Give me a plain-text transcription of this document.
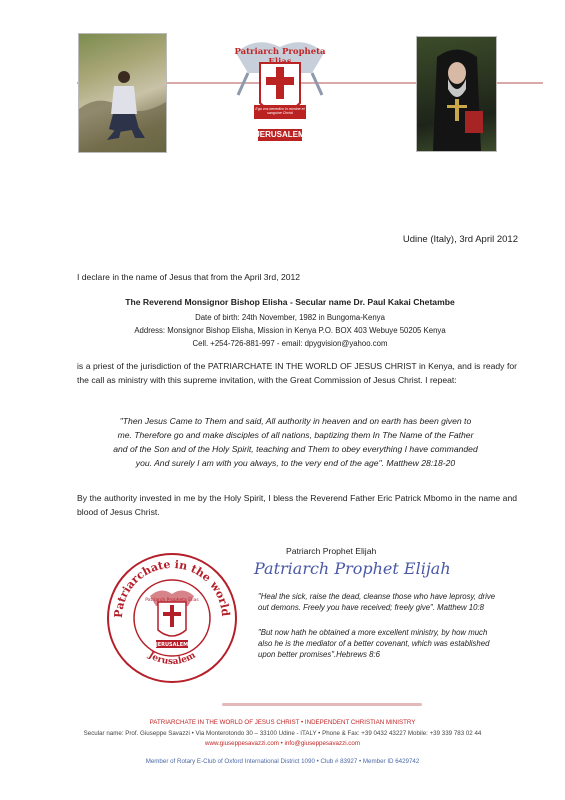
Patriarch Propheta Elias
Ego vos benedico in nomine et sanguine Christi
JERUSALEM
Udine (Italy), 3rd April 2012
I declare in the name of Jesus that from the April 3rd, 2012
The Reverend Monsignor Bishop Elisha - Secular name Dr. Paul Kakai Chetambe
Date of birth: 24th November, 1982 in Bungoma-Kenya
Address: Monsignor Bishop Elisha, Mission in Kenya P.O. BOX 403 Webuye 50205 Kenya
Cell. +254-726-881-997 - email: dpygvision@yahoo.com
is a priest of the jurisdiction of the PATRIARCHATE IN THE WORLD OF JESUS CHRIST in Kenya, and is ready for the call as ministry with this supreme invitation, with the Great Commission of Jesus Christ. I repeat:
"Then Jesus Came to Them and said, All authority in heaven and on earth has been given to me. Therefore go and make disciples of all nations, baptizing them In The Name of the Father and of the Son and of the Holy Spirit, teaching and Them to obey everything I have commanded you. And surely I am with you always, to the very end of the age". Matthew 28:18-20
By the authority invested in me by the Holy Spirit, I bless the Reverend Father Eric Patrick Mbomo in the name and blood of Jesus Christ.
Patriarch Prophet Elijah
Patriarch Prophet Elijah
Patriarchate in the world
Jerusalem
Patriarch Propheta Elias
JERUSALEM
"Heal the sick, raise the dead, cleanse those who have leprosy, drive out demons. Freely you have received; freely give". Matthew 10:8
"But now hath he obtained a more excellent ministry, by how much also he is the mediator of a better covenant, which was established upon better promises".Hebrews 8:6
PATRIARCHATE IN THE WORLD OF JESUS CHRIST • INDEPENDENT CHRISTIAN MINISTRY
Secular name: Prof. Giuseppe Savazzi • Via Monterotondo 30 – 33100 Udine - ITALY • Phone & Fax: +39 0432 43227 Mobile: +39 339 783 02 44
www.giuseppesavazzi.com • info@giuseppesavazzi.com
Member of Rotary E-Club of Oxford International District 1090 • Club # 83927 • Member ID 6429742
